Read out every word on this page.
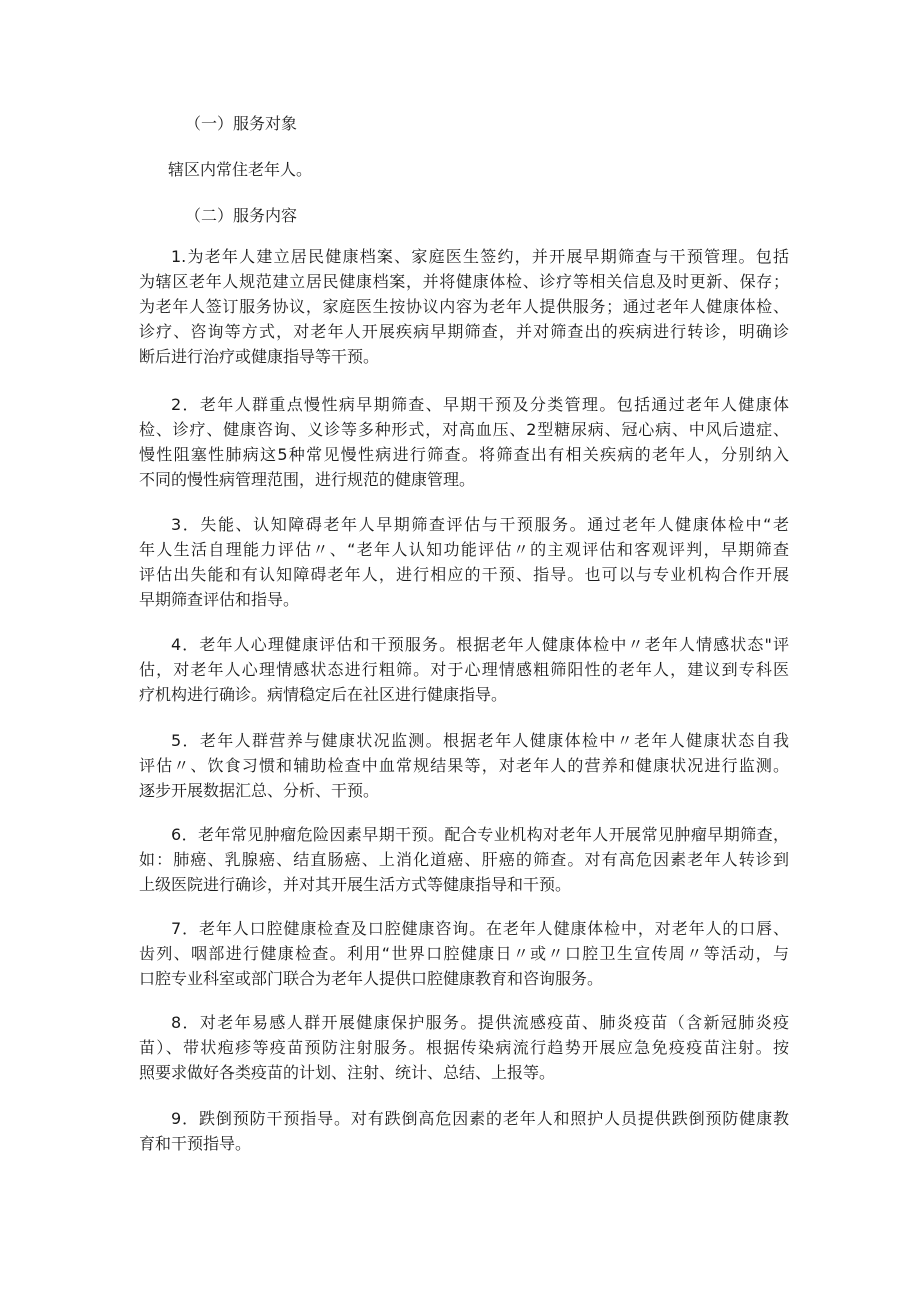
（一）服务对象
辖区内常住老年人。
（二）服务内容
1.为老年人建立居民健康档案、家庭医生签约，并开展早期筛查与干预管理。包括
为辖区老年人规范建立居民健康档案，并将健康体检、诊疗等相关信息及时更新、保存；
为老年人签订服务协议，家庭医生按协议内容为老年人提供服务；通过老年人健康体检、
诊疗、咨询等方式，对老年人开展疾病早期筛查，并对筛查出的疾病进行转诊，明确诊
断后进行治疗或健康指导等干预。
2．老年人群重点慢性病早期筛查、早期干预及分类管理。包括通过老年人健康体
检、诊疗、健康咨询、义诊等多种形式，对高血压、2型糖尿病、冠心病、中风后遗症、
慢性阻塞性肺病这5种常见慢性病进行筛查。将筛查出有相关疾病的老年人，分别纳入
不同的慢性病管理范围，进行规范的健康管理。
3．失能、认知障碍老年人早期筛查评估与干预服务。通过老年人健康体检中“老
年人生活自理能力评估〃、“老年人认知功能评估〃的主观评估和客观评判，早期筛查
评估出失能和有认知障碍老年人，进行相应的干预、指导。也可以与专业机构合作开展
早期筛查评估和指导。
4．老年人心理健康评估和干预服务。根据老年人健康体检中〃老年人情感状态"评
估，对老年人心理情感状态进行粗筛。对于心理情感粗筛阳性的老年人，建议到专科医
疗机构进行确诊。病情稳定后在社区进行健康指导。
5．老年人群营养与健康状况监测。根据老年人健康体检中〃老年人健康状态自我
评估〃、饮食习惯和辅助检查中血常规结果等，对老年人的营养和健康状况进行监测。
逐步开展数据汇总、分析、干预。
6．老年常见肿瘤危险因素早期干预。配合专业机构对老年人开展常见肿瘤早期筛查，
如：肺癌、乳腺癌、结直肠癌、上消化道癌、肝癌的筛查。对有高危因素老年人转诊到
上级医院进行确诊，并对其开展生活方式等健康指导和干预。
7．老年人口腔健康检查及口腔健康咨询。在老年人健康体检中，对老年人的口唇、
齿列、咽部进行健康检查。利用“世界口腔健康日〃或〃口腔卫生宣传周〃等活动，与
口腔专业科室或部门联合为老年人提供口腔健康教育和咨询服务。
8．对老年易感人群开展健康保护服务。提供流感疫苗、肺炎疫苗（含新冠肺炎疫
苗）、带状疱疹等疫苗预防注射服务。根据传染病流行趋势开展应急免疫疫苗注射。按
照要求做好各类疫苗的计划、注射、统计、总结、上报等。
9．跌倒预防干预指导。对有跌倒高危因素的老年人和照护人员提供跌倒预防健康教
育和干预指导。
